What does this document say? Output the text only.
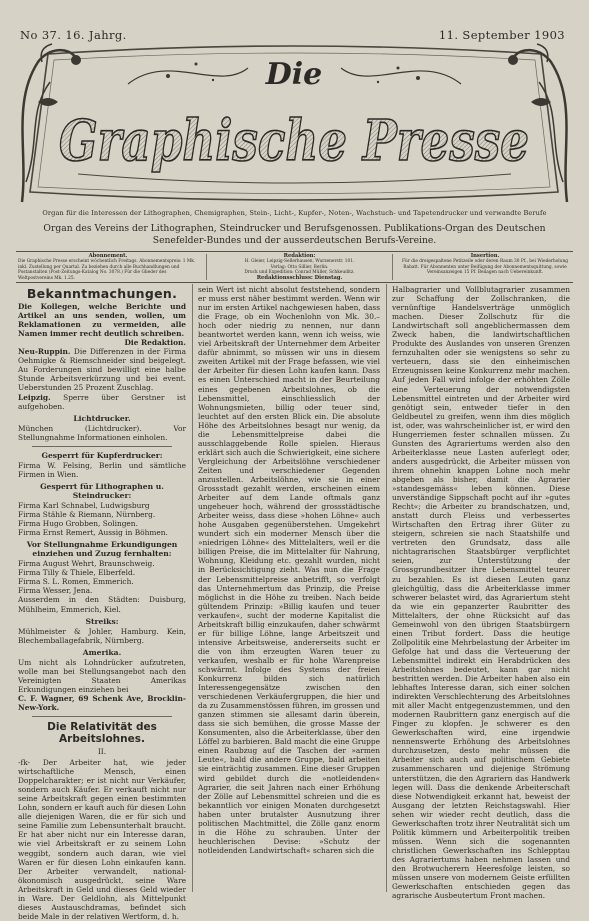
No 37. 16. Jahrg.	11. September 1903
Die
Graphische Presse
Organ für die Interessen der Lithographen, Chemigraphen, Stein-, Licht-, Kupfer-, Noten-, Wachstuch- und Tapetendrucker und verwandte Berufe
Organ des Vereins der Lithographen, Steindrucker und Berufsgenossen. Publikations-Organ des Deutschen Senefelder-Bundes und der ausserdeutschen Berufs-Vereine.
Abonnement.
Die Graphische Presse erscheint wöchentlich Freitags. Abonnementspreis: 1 Mk. inkl. Zustellung per Quartal. Zu beziehen durch alle Buchhandlungen und Postanstalten (Post-Zeitungs-Katalog No. 3078.) Für die Glieder des Weltpostvereins Mk. 1.25.
Redaktion:
H. Gleier, Leipzig-Sellerhausen, Wurzenerstr. 101.
Verlag: Otto Sillier, Berlin.
Druck und Expedition: Conrad Müller, Schkeuditz.
Redaktionsschluss: Dienstag.
Insertion.
Für die dreigespaltene Petitzeile oder deren Raum 30 Pf., bei Wiederholung Rabatt. Für Abonnenten unter Beifügung der Abonnementsquittung, sowie Vereinsanzeigen 15 Pf. Beilagen nach Uebereinkunft.
Bekanntmachungen.

Die Kollegen, welche Berichte und Artikel an uns senden, wollen, um Reklamationen zu vermeiden, alle Namen immer recht deutlich schreiben.

Die Redaktion.

Neu-Ruppin. Die Differenzen in der Firma Oehmigke & Riemschneider sind beigelegt. Au Forderungen sind bewilligt eine halbe Stunde Arbeitsverkürzung und bei event. Ueberstunden 25 Prozent Zuschlag.

Leipzig. Sperre über Gerstner ist aufgehoben.

Lichtdrucker.

München (Lichtdrucker). Vor Stellungnahme Informationen einholen.

Gesperrt für Kupferdrucker:

Firma W. Felsing, Berlin und sämtliche Firmen in Wien.

Gesperrt für Lithographen u. Steindrucker:

Firma Karl Schnabel, Ludwigsburg

Firma Stähle & Riemann, Nürnberg.

Firma Hugo Grobben, Solingen.

Firma Ernst Remert, Aussig in Böhmen.

Vor Stellungnahme Erkundigungen einziehen und Zuzug fernhalten:

Firma August Wehrt, Braunschweig.

Firma Tilly & Thiele, Elberfeld.

Firma S. L. Romen, Emmerich.

Firma Wesser, Jena.

Ausserdem in den Städten: Duisburg, Mühlheim, Emmerich, Kiel.

Streiks:

Mühlmeister & Johler, Hamburg. Kein, Blechemballagefabrik, Nürnberg.

Amerika.

Um nicht als Lohndrücker aufzutreten, wolle man bei Stellungsangebot nach den Vereinigten Staaten Amerikas Erkundigungen einziehen bei

C. F. Wagner, 69 Schenk Ave, Brocklin-New-York.

Die Relativität des Arbeitslohnes.
II.

-fk- Der Arbeiter hat, wie jeder wirtschaftliche Mensch, einen Doppelcharakter; er ist nicht nur Verkäufer, sondern auch Käufer. Er verkauft nicht nur seine Arbeitskraft gegen einen bestimmten Lohn, sondern er kauft auch für diesen Lohn alle diejenigen Waren, die er für sich und seine Familie zum Lebensunterhalt braucht. Er hat aber nicht nur ein Interesse daran, wie viel Arbeitskraft er zu seinem Lohn weggibt, sondern auch daran, wie viel Waren er für diesen Lohn einkaufen kann. Der Arbeiter verwandelt, national-ökonomisch ausgedrückt, seine Ware Arbeitskraft in Geld und dieses Geld wieder in Ware. Der Geldlohn, als Mittelpunkt dieses Austauschdramas, befindet sich beide Male in der relativen Wertform, d. h.

sein Wert ist nicht absolut feststehend, sondern er muss erst näher bestimmt werden. Wenn wir nur im ersten Artikel nachgewiesen haben, dass die Frage, ob ein Wochenlohn von Mk. 30.– hoch oder niedrig zu nennen, nur dann beantwortet werden kann, wenn ich weiss, wie viel Arbeitskraft der Unternehmer dem Arbeiter dafür abnimmt, so müssen wir uns in diesem zweiten Artikel mit der Frage befassen, wie viel der Arbeiter für diesen Lohn kaufen kann. Dass es einen Unterschied macht in der Beurteilung eines gegebenen Arbeitslohnes, ob die Lebensmittel, einschliesslich der Wohnungsmieten, billig oder teuer sind, leuchtet auf den ersten Blick ein. Die absolute Höhe des Arbeitslohnes besagt nur wenig, da die Lebensmittelpreise dabei die ausschlaggebende Rolle spielen. Hieraus erklärt sich auch die Schwierigkeit, eine sichere Vergleichung der Arbeitslöhne verschiedener Zeiten und verschiedener Gegenden anzustellen. Arbeitslöhne, wie sie in einer Grossstadt gezahlt werden, erscheinen einem Arbeiter auf dem Lande oftmals ganz ungeheuer hoch, während der grossstädtische Arbeiter weiss, dass diese »hohen Löhne« auch hohe Ausgaben gegenüberstehen. Umgekehrt wundert sich ein moderner Mensch über die »niedrigen Löhne« des Mittelalters, weil er die billigen Preise, die im Mittelalter für Nahrung, Wohnung, Kleidung etc. gezahlt wurden, nicht in Berücksichtigung zieht. Was nun die Frage der Lebensmittelpreise anbetrifft, so verfolgt das Unternehmertum das Prinzip, die Preise möglichst in die Höhe zu treiben. Nach beide gültendem Prinzip: »Billig kaufen und teuer verkaufen«, sucht der moderne Kapitalist die Arbeitskraft billig einzukaufen, daher schwärmt er für billige Löhne, lange Arbeitszeit und intensive Arbeitsweise, andererseits sucht er die von ihm erzeugten Waren teuer zu verkaufen, weshalb er für hohe Warenpreise schwärmt. Infolge des Systems der freien Konkurrenz bilden sich natürlich Interessengegensätze zwischen den verschiedenen Verkäufergruppen, die hier und da zu Zusammenstössen führen, im grossen und ganzen stimmen sie allesamt darin überein, dass sie sich bemühen, die grosse Masse der Konsumenten, also die Arbeiterklasse, über den Löffel zu barbieren. Bald macht die eine Gruppe einen Raubzug auf die Taschen der »armen Leute«, bald die andere Gruppe, bald arbeiten sie einträchtig zusammen. Eine dieser Gruppen wird gebildet durch die »notleidenden« Agrarier, die seit Jahren nach einer Erhöhung der Zölle auf Lebensmittel schreien und die es bekanntlich vor einigen Monaten durchgesetzt haben unter brutalster Ausnutzung ihrer politischen Machtmittel, die Zölle ganz enorm in die Höhe zu schrauben. Unter der heuchlerischen Devise: »Schutz der notleidenden Landwirtschaft« scharen sich die

Halbagrarier und Vollblutagrarier zusammen zur Schaffung der Zollschranken, die vernünftige Handelsverträge unmöglich machen. Dieser Zollschutz für die Landwirtschaft soll angeblichermassen dem Zweck haben, die landwirtschaftlichen Produkte des Auslandes von unseren Grenzen fernzuhalten oder sie wenigstens so sehr zu verteuern, dass sie den einheimischen Erzeugnissen keine Konkurrenz mehr machen. Auf jeden Fall wird infolge der erhöhten Zölle eine Verteuerung der notwendigsten Lebensmittel eintreten und der Arbeiter wird genötigt sein, entweder tiefer in den Geldbeutel zu greifen, wenn ihm dies möglich ist, oder, was wahrscheinlicher ist, er wird den Hungerriemen fester schnallen müssen. Zu Gunsten des Agrariertums werden also den Arbeiterklasse neue Lasten auferlegt oder, anders ausgedrückt, die Arbeiter müssen von ihrem ohnehin knappen Lohne noch mehr abgeben als bisher, damit die Agrarier »standesgemäss« leben können. Diese unverständige Sippschaft pocht auf ihr »gutes Recht«; die Arbeiter zu brandschatzen, und, anstatt durch Fleiss und verbessertes Wirtschaften den Ertrag ihrer Güter zu steigern, schreien sie nach Staatshilfe und vertreten den Grundsatz, dass alle nichtagrarischen Staatsbürger verpflichtet seien, zur Unterstützung der Grossgrundbesitzer ihre Lebensmittel teurer zu bezahlen. Es ist diesen Leuten ganz gleichgültig, dass die Arbeiterklasse immer schwerer belastet wird, das Agrariertum steht da wie ein gepanzerter Raubritter des Mittelalters, der ohne Rücksicht auf das Gemeinwohl von den übrigen Staatsbürgern einen Tribut fordert. Dass die heutige Zollpolitik eine Mehrbelastung der Arbeiter im Gefolge hat und dass die Verteuerung der Lebensmittel indirekt ein Herabdrücken des Arbeitslohnes bedeutet, kann gar nicht bestritten werden. Die Arbeiter haben also ein lebhaftes Interesse daran, sich einer solchen indirekten Verschlechterung des Arbeitslohnes mit aller Macht entgegenzustemmen, und den modernen Raubrittern ganz energisch auf die Finger zu klopfen. Je schwerer es den Gewerkschaften wird, eine irgendwie nennenswerte Erhöhung des Arbeitslohnes durchzusetzen, desto mehr müssen die Arbeiter sich auch auf politischem Gebiete zusammenscharen und diejenige Strömung unterstützen, die den Agrariern das Handwerk legen will. Dass die denkende Arbeiterschaft diese Notwendigkeit erkannt hat, beweist der Ausgang der letzten Reichstagswahl. Hier sehen wir wieder recht deutlich, dass die Gewerkschaften trotz ihrer Neutralität sich um Politik kümmern und Arbeiterpolitik treiben müssen. Wenn sich die sogenannten christlichen Gewerkschaften ins Schlepptau des Agrariertums haben nehmen lassen und den Brotwucherern Heeresfolge leisten, so müssen unsere von modernem Geiste erfüllten Gewerkschaften entschieden gegen das agrarische Ausbeutertum Front machen.
